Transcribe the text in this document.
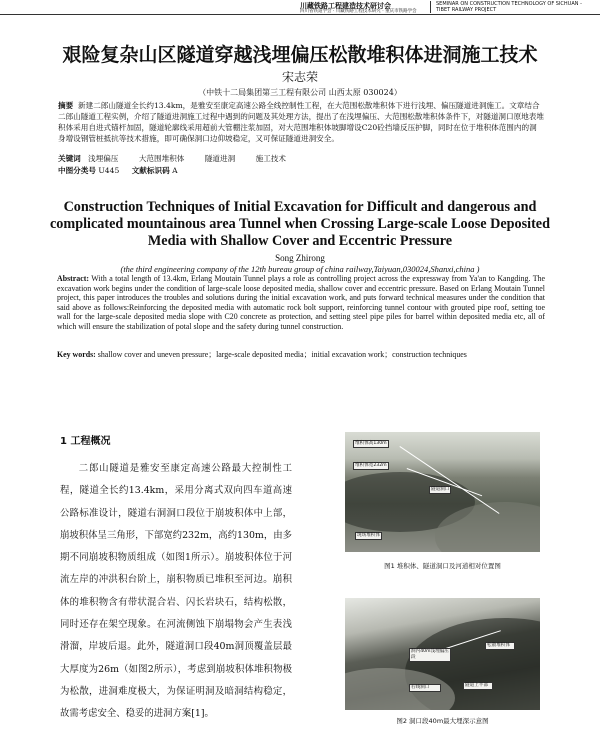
川藏铁路工程建造技术研讨会
四川省铁道学会 · 川藏铁路工程技术研究 · 重庆市铁路学会
SEMINAR ON CONSTRUCTION TECHNOLOGY OF SICHUAN - TIBET RAILWAY PROJECT
艰险复杂山区隧道穿越浅埋偏压松散堆积体进洞施工技术
宋志荣
（中铁十二局集团第三工程有限公司 山西太原 030024）
摘要 新建二郎山隧道全长约13.4km，是雅安至康定高速公路全线控制性工程，在大范围松散堆积体下进行浅埋、偏压隧道进洞施工。文章结合二郎山隧道工程实例，介绍了隧道进洞施工过程中遇到的问题及其处理方法，提出了在浅埋偏压、大范围松散堆积体条件下，对隧道洞口原地表堆积体采用自进式锚杆加固，隧道轮廓线采用超前大管棚注浆加固，对大范围堆积体坡脚增设C20砼挡墙反压护脚，同时在位于堆积体范围内的洞身增设钢管桩抵抗等技术措施，即可确保洞口边仰坡稳定，又可保证隧道进洞安全。
关键词 浅埋偏压	大范围堆积体	隧道进洞	施工技术
中图分类号 U445 文献标识码 A
Construction Techniques of Initial Excavation for Difficult and dangerous and complicated mountainous area Tunnel when Crossing Large-scale Loose Deposited Media with Shallow Cover and Eccentric Pressure
Song Zhirong
(the third engineering company of the 12th bureau group of china railway,Taiyuan,030024,Shanxi,china )
Abstract: With a total length of 13.4km, Erlang Moutain Tunnel plays a role as controlling project across the expressway from Ya'an to Kangding. The excavation work begins under the condition of large-scale loose deposited media, shallow cover and eccentric pressure. Based on Erlang Moutain Tunnel project, this paper introduces the troubles and solutions during the initial excavation work, and puts forward technical measures under the condition that said above as follows:Reinforcing the deposited media with automatic rock bolt support, reinforcing tunnel contour with grouted pipe roof, setting toe wall for the large-scale deposited media slope with C20 concrete as protection, and setting steel pipe piles for barrel within deposited media etc, all of which will ensure the stabilization of potal slope and the safety during tunnel construction.
Key words: shallow cover and uneven pressure；large-scale deposited media；initial excavation work；construction techniques
1 工程概况
二郎山隧道是雅安至康定高速公路最大控制性工程，隧道全长约13.4km，采用分离式双向四车道高速公路标准设计，隧道右洞洞口段位于崩坡积体中上部，崩坡积体呈三角形，下部宽约232m，高约130m，由多期不同崩坡积物质组成（如图1所示）。崩坡积体位于河流左岸的冲洪积台阶上，崩积物质已堆积至河边。崩积体的堆积物含有带状混合岩、闪长岩块石，结构松散，同时还存在架空现象。在河流侧蚀下崩塌物会产生表浅滑溜，岸坡后退。此外，隧道洞口段40m洞顶覆盖层最大厚度为26m（如图2所示），考虑到崩坡积体堆积物极为松散，进洞难度极大，为保证明洞及暗洞结构稳定，故需考虑安全、稳妥的进洞方案[1]。
堆积体高130m
堆积体宽232m
隧道洞口
现场堆积体
图1 堆积体、隧道洞口及河道相对位置图
洞内40m浅埋偏压段
松散堆积体
隧道上半部
右线洞口
图2 洞口段40m最大埋深示意图
